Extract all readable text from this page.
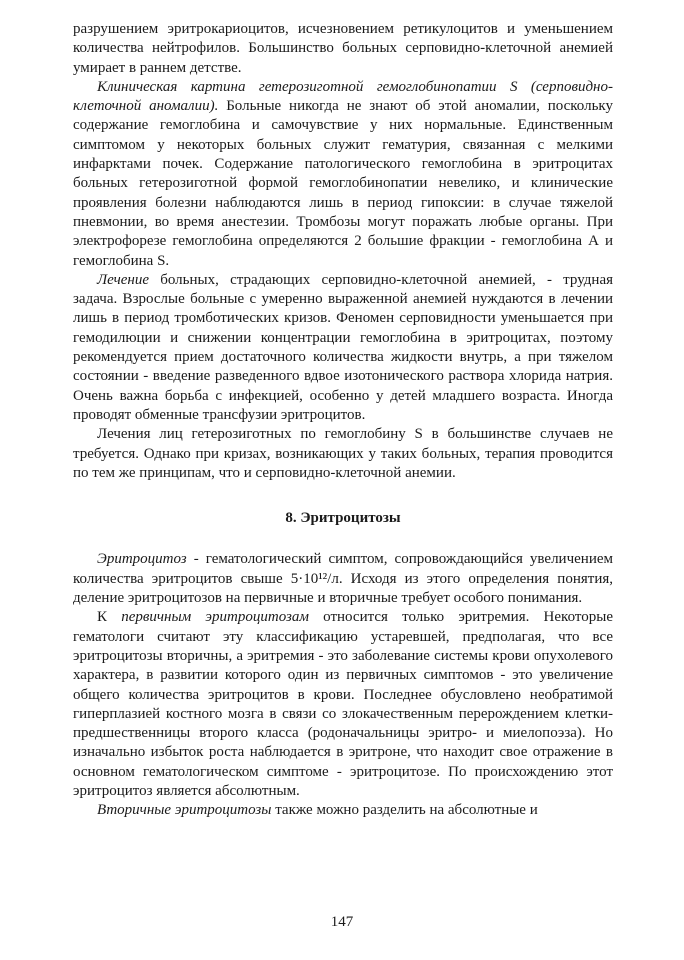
разрушением эритрокариоцитов, исчезновением ретикулоцитов и уменьшением количества нейтрофилов. Большинство больных серповидно-клеточной анемией умирает в раннем детстве.

Клиническая картина гетерозиготной гемоглобинопатии S (серповидно-клеточной аномалии). Больные никогда не знают об этой аномалии, поскольку содержание гемоглобина и самочувствие у них нормальные. Единственным симптомом у некоторых больных служит гематурия, связанная с мелкими инфарктами почек. Содержание патологического гемоглобина в эритроцитах больных гетерозиготной формой гемоглобинопатии невелико, и клинические проявления болезни наблюдаются лишь в период гипоксии: в случае тяжелой пневмонии, во время анестезии. Тромбозы могут поражать любые органы. При электрофорезе гемоглобина определяются 2 большие фракции - гемоглобина А и гемоглобина S.

Лечение больных, страдающих серповидно-клеточной анемией, - трудная задача. Взрослые больные с умеренно выраженной анемией нуждаются в лечении лишь в период тромботических кризов. Феномен серповидности уменьшается при гемодилюции и снижении концентрации гемоглобина в эритроцитах, поэтому рекомендуется прием достаточного количества жидкости внутрь, а при тяжелом состоянии - введение разведенного вдвое изотонического раствора хлорида натрия. Очень важна борьба с инфекцией, особенно у детей младшего возраста. Иногда проводят обменные трансфузии эритроцитов.

Лечения лиц гетерозиготных по гемоглобину S в большинстве случаев не требуется. Однако при кризах, возникающих у таких больных, терапия проводится по тем же принципам, что и серповидно-клеточной анемии.

8. Эритроцитозы

Эритроцитоз - гематологический симптом, сопровождающийся увеличением количества эритроцитов свыше 5·10¹²/л. Исходя из этого определения понятия, деление эритроцитозов на первичные и вторичные требует особого понимания.

К первичным эритроцитозам относится только эритремия. Некоторые гематологи считают эту классификацию устаревшей, предполагая, что все эритроцитозы вторичны, а эритремия - это заболевание системы крови опухолевого характера, в развитии которого один из первичных симптомов - это увеличение общего количества эритроцитов в крови. Последнее обусловлено необратимой гиперплазией костного мозга в связи со злокачественным перерождением клетки-предшественницы второго класса (родоначальницы эритро- и миелопоэза). Но изначально избыток роста наблюдается в эритроне, что находит свое отражение в основном гематологическом симптоме - эритроцитозе. По происхождению этот эритроцитоз является абсолютным.

Вторичные эритроцитозы также можно разделить на абсолютные и

147
